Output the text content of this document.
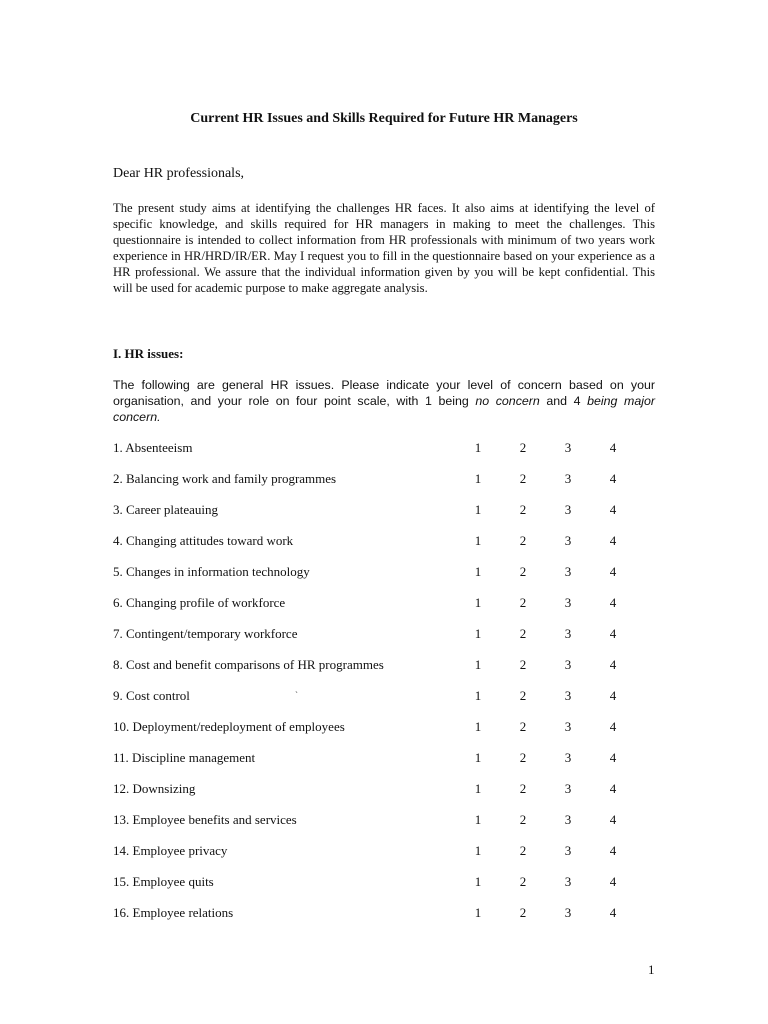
Current HR Issues and Skills Required for Future HR Managers
Dear HR professionals,

The present study aims at identifying the challenges HR faces. It also aims at identifying the level of specific knowledge, and skills required for HR managers in making to meet the challenges. This questionnaire is intended to collect information from HR professionals with minimum of two years work experience in HR/HRD/IR/ER. May I request you to fill in the questionnaire based on your experience as a HR professional. We assure that the individual information given by you will be kept confidential. This will be used for academic purpose to make aggregate analysis.

I. HR issues:

The following are general HR issues. Please indicate your level of concern based on your organisation, and your role on four point scale, with 1 being no concern and 4 being major concern.

1. Absenteeism	1	2	3	4
2. Balancing work and family programmes	1	2	3	4
3. Career plateauing	1	2	3	4
4. Changing attitudes toward work	1	2	3	4
5. Changes in information technology	1	2	3	4
6. Changing profile of workforce	1	2	3	4
7. Contingent/temporary workforce	1	2	3	4
8. Cost and benefit comparisons of HR programmes	1	2	3	4
9. Cost control	1	2	3	4
10. Deployment/redeployment of employees	1	2	3	4
11. Discipline management	1	2	3	4
12. Downsizing	1	2	3	4
13. Employee benefits and services	1	2	3	4
14. Employee privacy	1	2	3	4
15. Employee quits	1	2	3	4
16. Employee relations	1	2	3	4
`
1
